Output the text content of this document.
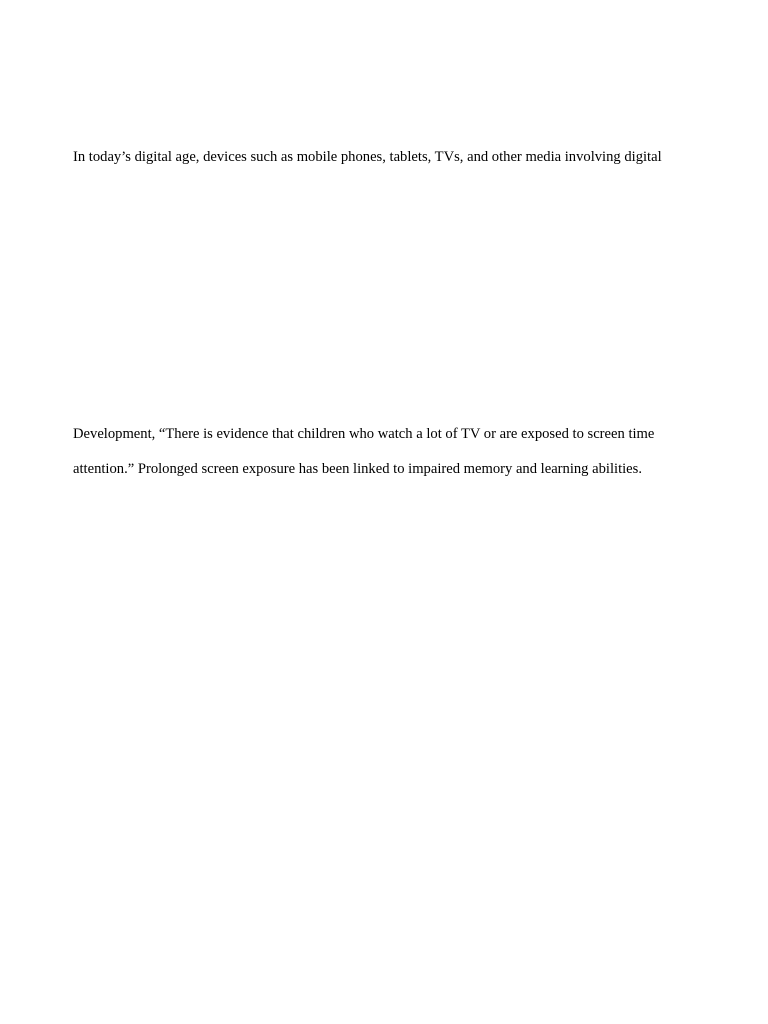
In today’s digital age, devices such as mobile phones, tablets, TVs, and other media involving digital

Development, “There is evidence that children who watch a lot of TV or are exposed to screen time

attention.” Prolonged screen exposure has been linked to impaired memory and learning abilities.
